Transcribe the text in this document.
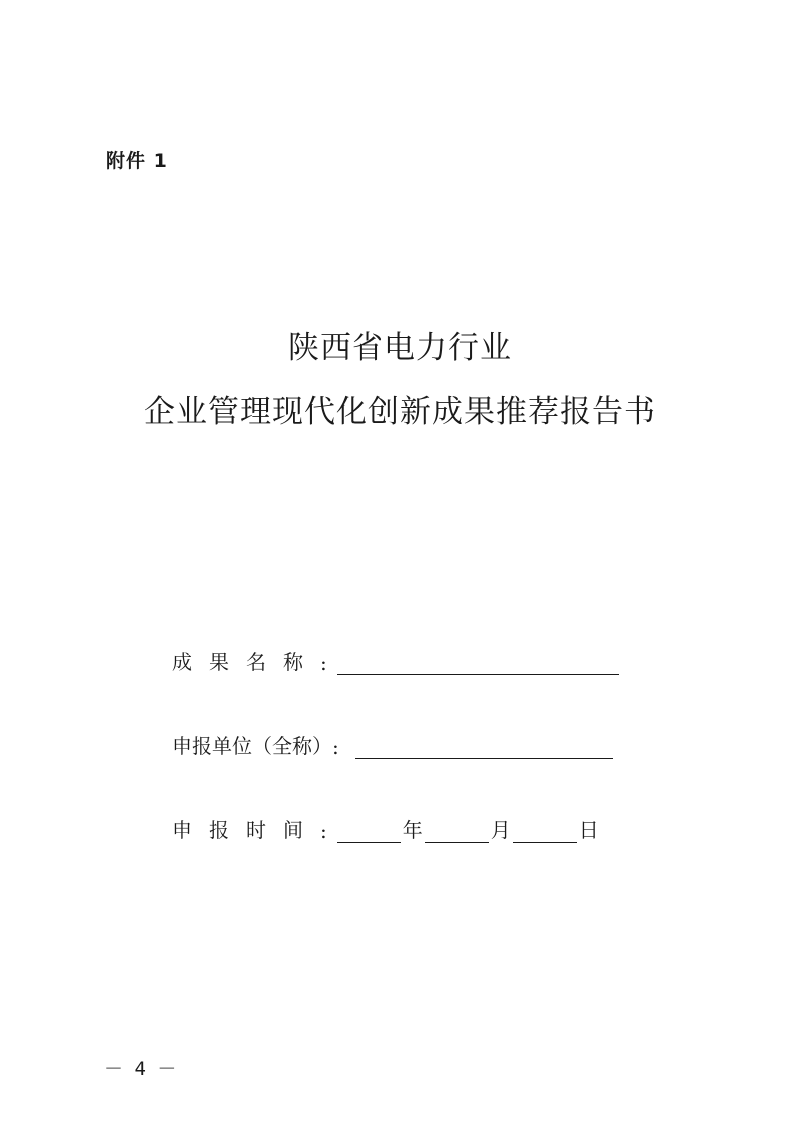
附件 1
陕西省电力行业
企业管理现代化创新成果推荐报告书
成果名称 :
申报单位（全称） :
申报时间 :	年	月	日
－ 4 －
